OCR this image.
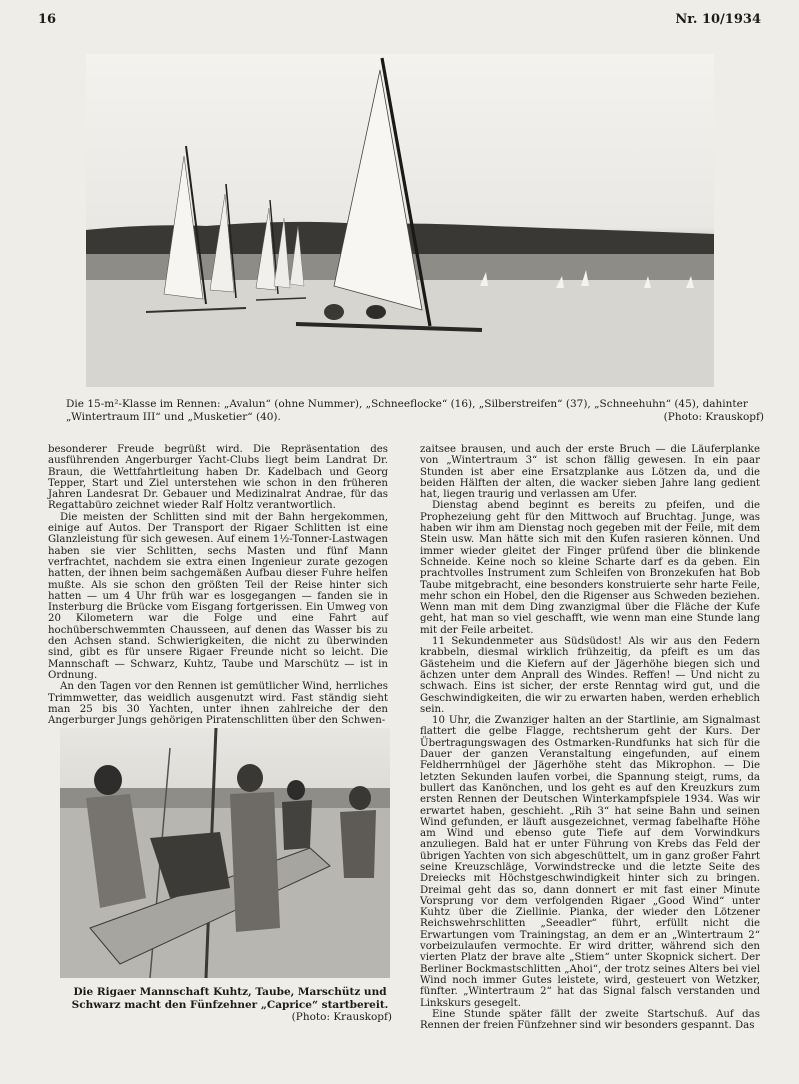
16	Nr. 10/1934
Die 15-m²-Klasse im Rennen: „Avalun“ (ohne Nummer), „Schneeflocke“ (16), „Silberstreifen“ (37), „Schneehuhn“ (45), dahinter „Wintertraum III“ und „Musketier“ (40).	(Photo: Krauskopf)

besonderer Freude begrüßt wird. Die Repräsentation des ausführenden Angerburger Yacht-Clubs liegt beim Landrat Dr. Braun, die Wettfahrtleitung haben Dr. Kadelbach und Georg Tepper, Start und Ziel unterstehen wie schon in den früheren Jahren Landesrat Dr. Gebauer und Medizinalrat Andrae, für das Regattabüro zeichnet wieder Ralf Holtz verantwortlich.

Die meisten der Schlitten sind mit der Bahn hergekommen, einige auf Autos. Der Transport der Rigaer Schlitten ist eine Glanzleistung für sich gewesen. Auf einem 1½-Tonner-Lastwagen haben sie vier Schlitten, sechs Masten und fünf Mann verfrachtet, nachdem sie extra einen Ingenieur zurate gezogen hatten, der ihnen beim sachgemäßen Aufbau dieser Fuhre helfen mußte. Als sie schon den größten Teil der Reise hinter sich hatten — um 4 Uhr früh war es losgegangen — fanden sie in Insterburg die Brücke vom Eisgang fortgerissen. Ein Umweg von 20 Kilometern war die Folge und eine Fahrt auf hochüberschwemmten Chausseen, auf denen das Wasser bis zu den Achsen stand. Schwierigkeiten, die nicht zu überwinden sind, gibt es für unsere Rigaer Freunde nicht so leicht. Die Mannschaft — Schwarz, Kuhtz, Taube und Marschütz — ist in Ordnung.

An den Tagen vor den Rennen ist gemütlicher Wind, herrliches Trimmwetter, das weidlich ausgenutzt wird. Fast ständig sieht man 25 bis 30 Yachten, unter ihnen zahlreiche der den Angerburger Jungs gehörigen Piratenschlitten über den Schwen-

Die Rigaer Mannschaft Kuhtz, Taube, Marschütz und Schwarz macht den Fünfzehner „Caprice“ startbereit.
(Photo: Krauskopf)

zaitsee brausen, und auch der erste Bruch — die Läuferplanke von „Wintertraum 3“ ist schon fällig gewesen. In ein paar Stunden ist aber eine Ersatzplanke aus Lötzen da, und die beiden Hälften der alten, die wacker sieben Jahre lang gedient hat, liegen traurig und verlassen am Ufer.

Dienstag abend beginnt es bereits zu pfeifen, und die Prophezeiung geht für den Mittwoch auf Bruchtag. Junge, was haben wir ihm am Dienstag noch gegeben mit der Feile, mit dem Stein usw. Man hätte sich mit den Kufen rasieren können. Und immer wieder gleitet der Finger prüfend über die blinkende Schneide. Keine noch so kleine Scharte darf es da geben. Ein prachtvolles Instrument zum Schleifen von Bronzekufen hat Bob Taube mitgebracht, eine besonders konstruierte sehr harte Feile, mehr schon ein Hobel, den die Rigenser aus Schweden beziehen. Wenn man mit dem Ding zwanzigmal über die Fläche der Kufe geht, hat man so viel geschafft, wie wenn man eine Stunde lang mit der Feile arbeitet.

11 Sekundenmeter aus Südsüdost! Als wir aus den Federn krabbeln, diesmal wirklich frühzeitig, da pfeift es um das Gästeheim und die Kiefern auf der Jägerhöhe biegen sich und ächzen unter dem Anprall des Windes. Reffen! — Und nicht zu schwach. Eins ist sicher, der erste Renntag wird gut, und die Geschwindigkeiten, die wir zu erwarten haben, werden erheblich sein.

10 Uhr, die Zwanziger halten an der Startlinie, am Signalmast flattert die gelbe Flagge, rechtsherum geht der Kurs. Der Übertragungswagen des Ostmarken-Rundfunks hat sich für die Dauer der ganzen Veranstaltung eingefunden, auf einem Feldherrnhügel der Jägerhöhe steht das Mikrophon. — Die letzten Sekunden laufen vorbei, die Spannung steigt, rums, da bullert das Kanönchen, und los geht es auf den Kreuzkurs zum ersten Rennen der Deutschen Winterkampfspiele 1934. Was wir erwartet haben, geschieht. „Rih 3“ hat seine Bahn und seinen Wind gefunden, er läuft ausgezeichnet, vermag fabelhafte Höhe am Wind und ebenso gute Tiefe auf dem Vorwindkurs anzuliegen. Bald hat er unter Führung von Krebs das Feld der übrigen Yachten von sich abgeschüttelt, um in ganz großer Fahrt seine Kreuzschläge, Vorwindstrecke und die letzte Seite des Dreiecks mit Höchstgeschwindigkeit hinter sich zu bringen. Dreimal geht das so, dann donnert er mit fast einer Minute Vorsprung vor dem verfolgenden Rigaer „Good Wind“ unter Kuhtz über die Ziellinie. Pianka, der wieder den Lötzener Reichswehrschlitten „Seeadler“ führt, erfüllt nicht die Erwartungen vom Trainingstag, an dem er an „Wintertraum 2“ vorbeizulaufen vermochte. Er wird dritter, während sich den vierten Platz der brave alte „Stiem“ unter Skopnick sichert. Der Berliner Bockmastschlitten „Ahoi“, der trotz seines Alters bei viel Wind noch immer Gutes leistete, wird, gesteuert von Wetzker, fünfter. „Wintertraum 2“ hat das Signal falsch verstanden und Linkskurs gesegelt.

Eine Stunde später fällt der zweite Startschuß. Auf das Rennen der freien Fünfzehner sind wir besonders gespannt. Das
